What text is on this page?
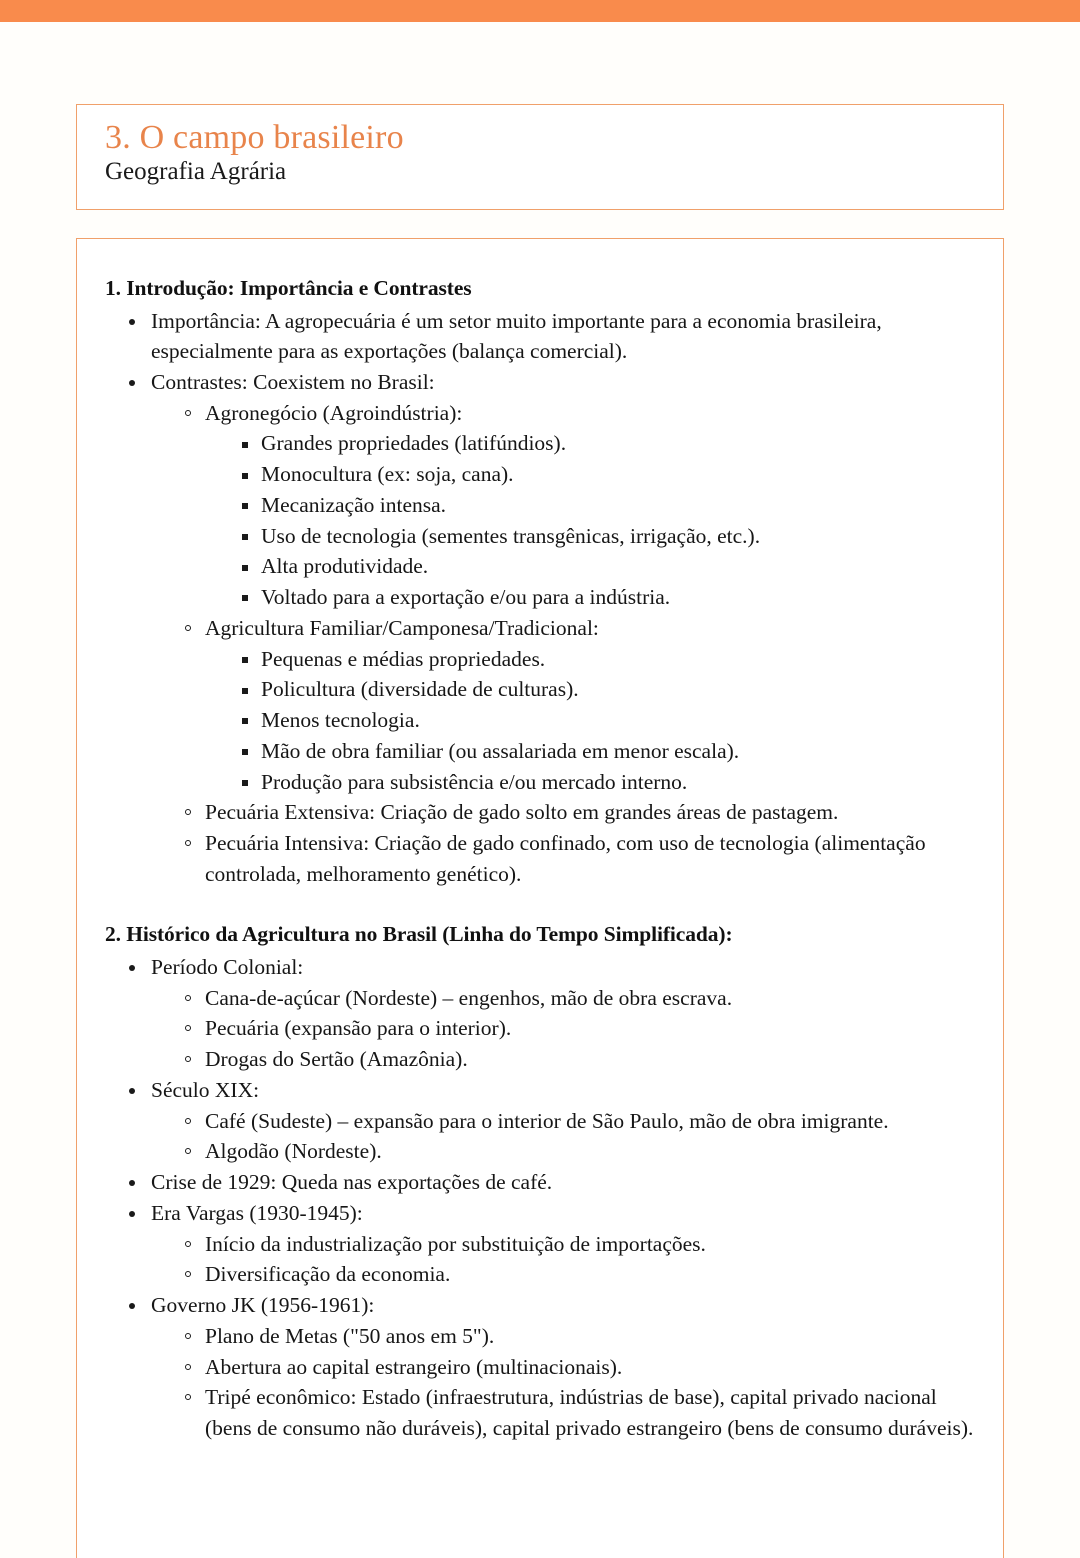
3. O campo brasileiro
Geografia Agrária
1. Introdução: Importância e Contrastes
Importância: A agropecuária é um setor muito importante para a economia brasileira, especialmente para as exportações (balança comercial).
Contrastes: Coexistem no Brasil:
Agronegócio (Agroindústria):
Grandes propriedades (latifúndios).
Monocultura (ex: soja, cana).
Mecanização intensa.
Uso de tecnologia (sementes transgênicas, irrigação, etc.).
Alta produtividade.
Voltado para a exportação e/ou para a indústria.
Agricultura Familiar/Camponesa/Tradicional:
Pequenas e médias propriedades.
Policultura (diversidade de culturas).
Menos tecnologia.
Mão de obra familiar (ou assalariada em menor escala).
Produção para subsistência e/ou mercado interno.
Pecuária Extensiva: Criação de gado solto em grandes áreas de pastagem.
Pecuária Intensiva: Criação de gado confinado, com uso de tecnologia (alimentação controlada, melhoramento genético).
2. Histórico da Agricultura no Brasil (Linha do Tempo Simplificada):
Período Colonial:
Cana-de-açúcar (Nordeste) – engenhos, mão de obra escrava.
Pecuária (expansão para o interior).
Drogas do Sertão (Amazônia).
Século XIX:
Café (Sudeste) – expansão para o interior de São Paulo, mão de obra imigrante.
Algodão (Nordeste).
Crise de 1929: Queda nas exportações de café.
Era Vargas (1930-1945):
Início da industrialização por substituição de importações.
Diversificação da economia.
Governo JK (1956-1961):
Plano de Metas ("50 anos em 5").
Abertura ao capital estrangeiro (multinacionais).
Tripé econômico: Estado (infraestrutura, indústrias de base), capital privado nacional (bens de consumo não duráveis), capital privado estrangeiro (bens de consumo duráveis).
